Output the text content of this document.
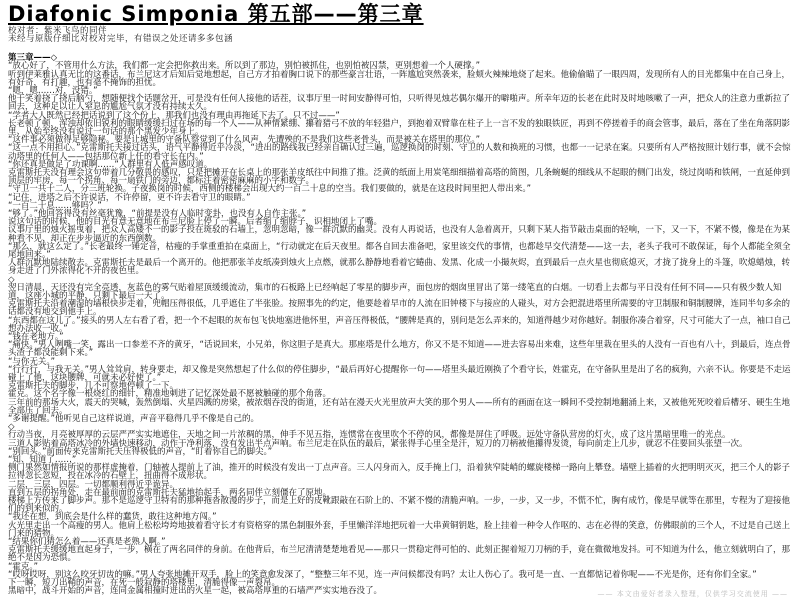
Diafonic Simponia 第五部——第三章
校对者：紫米飞鸟的同伴
未经与原版仔细比对校对完毕，有错误之处还请多多包涵
第三章——◇

“放心好了，不管用什么方法，我们都一定会把你救出来。所以到了那边，别怕被抓住，也别怕被囚禁，更别想着一个人硬撑。”

听到伊莱雅认真无比的这番话，布兰尼这才后知后觉地想起，自己方才拍着胸口说下的那些豪言壮语，一阵尴尬突然袭来，脸颊火辣辣地烧了起来。他偷偷瞄了一眼四周，发现所有人的目光都集中在自己身上，有好奇，有打趣，也有毫不掩饰的担忧。

“嗯，嗯……对，没错。”

他干笑着挠了挠后脑勺，想随便找个话题岔开，可是没有任何人接他的话茬，议事厅里一时间安静得可怕，只听得见烛芯偶尔爆开的噼啪声。所幸年迈的长老在此时及时地咳嗽了一声，把众人的注意力重新拉了回去，这种足以让人窒息的尴尬气氛才没有持续太久。

“学者大人既然已经把话说到了这个份上，那我们也没有理由再拖延下去了。只不过——”

长老顿了顿，浑浊却依旧锐利的眼睛缓缓扫过在场的每一个人——从神情紧绷、攥着猎弓不放的年轻猎户，到抱着双臂靠在柱子上一言不发的独眼铁匠，再到不停搓着手的商会管事，最后，落在了坐在角落阴影里、从始至终没有说过一句话的那个黑发少年身上。

“这件事必须做得足够隐秘。要是让城里的守备队察觉到了什么风声，先遭殃的不是我们这些老骨头，而是被关在塔里的那位。”

“这一点不用担心。”克雷斯托夫接过话头，语气平静得近乎冷淡，“进出的路线我已经亲自确认过三遍，巡逻换岗的时刻、守卫的人数和换班的习惯，也都一一记录在案。只要所有人严格按照计划行事，就不会惊动塔里的任何人——包括那位新上任的看守长在内。”

“你还真是做足了功课啊……”人群里有人低声感叹道。

克雷斯托夫没有理会这句带着几分敬畏的感叹，只是把摊开在长桌上的那张羊皮纸往中间推了推。泛黄的纸面上用炭笔细细描着高塔的简图，几条蜿蜒的细线从不起眼的侧门出发，绕过岗哨和铁闸，一直延伸到顶层的牢房，每一个拐角、每一扇铁门的旁边，都标注着密密麻麻的小字和数字。

“守卫一共十二人，分三班轮换。子夜换岗的时候，西侧的楼梯会出现大约一百二十息的空当。我们要做的，就是在这段时间里把人带出来。”

“记住，进塔之后不许说话，不许停留，更不许去看守卫的眼睛。”

“一百二十息……够吗？”

“够了。”他回答得没有丝毫犹豫，“前提是没有人临时变卦，也没有人自作主张。”

说这句话的时候，他的目光有意无意地在布兰尼脸上停了一瞬。后者缩了缩脖子，识相地闭上了嘴。

议事厅里的烛火摇曳着，把众人高矮不一的影子投在斑驳的石墙上，忽明忽暗，像一群沉默的幽灵。没有人再说话，也没有人急着离开，只剩下某人指节敲击桌面的轻响，一下，又一下，不紧不慢，像是在为某种看不见、却正在步步逼近的东西倒数。

“那么，就这么定了。”长老最终一锤定音，枯瘦的手掌重重拍在桌面上，“行动就定在后天夜里。都各自回去准备吧，家里该交代的事情，也都趁早交代清楚——这一去，老头子我可不敢保证，每个人都能全须全尾地回来。”

人群沉默地陆续散去。克雷斯托夫是最后一个离开的。他把那张羊皮纸凑到烛火上点燃，就那么静静地看着它蜷曲、发黑、化成一小撮灰烬，直到最后一点火星也彻底熄灭，才拢了拢身上的斗篷，吹熄蜡烛，转身走进了门外浓得化不开的夜色里。

◇

翌日清晨，天还没有完全亮透，灰蓝色的雾气贴着屋顶缓缓流动，集市的石板路上已经响起了零星的脚步声，面包房的烟囱里冒出了第一缕笔直的白烟。一切看上去都与平日没有任何不同——只有极少数人知道，这座小城的平静，只剩下最后一天了。

克雷斯托夫沿着潮湿的墙根快步走着，兜帽压得很低，几乎遮住了半张脸。按照事先的约定，他要趁着早市的人流在旧钟楼下与接应的人碰头，对方会把混进塔里所需要的守卫制服和铜制腰牌，连同半句多余的话都没有地交到他手上。

“东西都在这儿了。”接头的男人左右看了看，把一个不起眼的灰布包飞快地塞进他怀里，声音压得极低，“腰牌是真的，别问是怎么弄来的，知道得越少对你越好。制服你凑合着穿，尺寸可能大了一点，袖口自己想办法收一收。”

“钱在老地方。”

“痛快。”男人咧嘴一笑，露出一口参差不齐的黄牙，“话说回来，小兄弟，你这胆子是真大。那座塔是什么地方，你又不是不知道——进去容易出来难，这些年里栽在里头的人没有一百也有八十，到最后，连点骨头渣子都没能剩下来。”

“与你无关。”

“行行行，与我无关。”男人耸耸肩，转身要走，却又像是突然想起了什么似的停住脚步，“最后再好心提醒你一句——塔里头最近刚换了个看守长，姓霍克，在守备队里是出了名的疯狗，六亲不认。你要是不走运碰上了他，这块腰牌，可就未必好使了。”

克雷斯托夫的脚步，几不可察地停顿了一下。

霍克。这个名字像一根烧红的细针，精准地刺进了记忆深处最不愿被触碰的那个角落。

三年前的那场大火，震天的哭喊，轰然倒塌、火星四溅的房梁，被浓烟吞没的街道，还有站在漫天火光里放声大笑的那个男人——所有的画面在这一瞬间不受控制地翻涌上来，又被他死死咬着后槽牙、硬生生地全部压了回去。

“多谢提醒。”他听见自己这样说道，声音平稳得几乎不像是自己的。

◇

行动当夜，月亮被厚厚的云层严严实实地遮住，天地之间一片浓稠的黑，伸手不见五指，连惯常在夜里吹个不停的风，都像是屏住了呼吸。远处守备队营房的灯火，成了这片黑暗里唯一的光点。

三道人影贴着高塔冰冷的外墙快速移动，动作干净利落，没有发出半点声响。布兰尼走在队伍的最后，紧张得手心里全是汗，短刀的刀柄被他攥得发烫，每向前走上几步，就忍不住要回头张望一次。

“别回头。”前面传来克雷斯托夫压得极低的声音，“盯着你自己的脚尖。”

“知、知道了……”

侧门果然如情报所说的那样虚掩着，门轴被人提前上了油，推开的时候没有发出一丁点声音。三人闪身而入，反手掩上门，沿着狭窄陡峭的螺旋楼梯一路向上攀登。墙壁上插着的火把明明灭灭，把三个人的影子拉得忽长忽短，投在冰冷的石壁上，扭曲得不成形状。

二层，三层，四层。一切都顺利得近乎诡异。

直到五层的拐角处，走在最前面的克雷斯托夫猛地抬起手，两名同伴立刻僵在了原地。

楼梯上方传来了脚步声。那不是巡逻守卫特有的那种拖沓散漫的步子，而是上好的皮靴跟敲在石阶上的、不紧不慢的清脆声响。一步，一步，又一步，不慌不忙，胸有成竹，像是早就等在那里，专程为了迎接他们的到来似的。

“我还在想，到底会是什么样的蠢货，敢往这种地方闯。”

火光里走出一个高瘦的男人。他肩上松松垮垮地披着看守长才有资格穿的黑色制服外套，手里懒洋洋地把玩着一大串黄铜钥匙，脸上挂着一种令人作呕的、志在必得的笑意，仿佛眼前的三个人，不过是自己送上门来的猎物。

“结果你们猜怎么着——还真是老熟人啊。”

克雷斯托夫缓缓地直起身子，一步，横在了两名同伴的身前。在他背后，布兰尼清清楚楚地看见——那只一贯稳定得可怕的、此刻正握着短刀刀柄的手，竟在微微地发抖。可不知道为什么，他立刻就明白了，那绝不是因为恐惧。

“霍克。”

“哎呀哎呀，别这么咬牙切齿的嘛。”男人夸张地摊开双手，脸上的笑意愈发深了，“整整三年不见，连一声问候都没有吗？太让人伤心了。我可是一直、一直都惦记着你呢——不光是你，还有你们全家。”

下一瞬，短刀出鞘的声音，在死一般寂静的塔楼里，清脆得像一声裂帛。

黑暗中，战斗开始的声音，连同金属相撞时迸出的火星一起，被高塔厚重的石墙严严实实地吞没了。	—— 本文由爱好者录入整理，仅供学习交流使用 ——
